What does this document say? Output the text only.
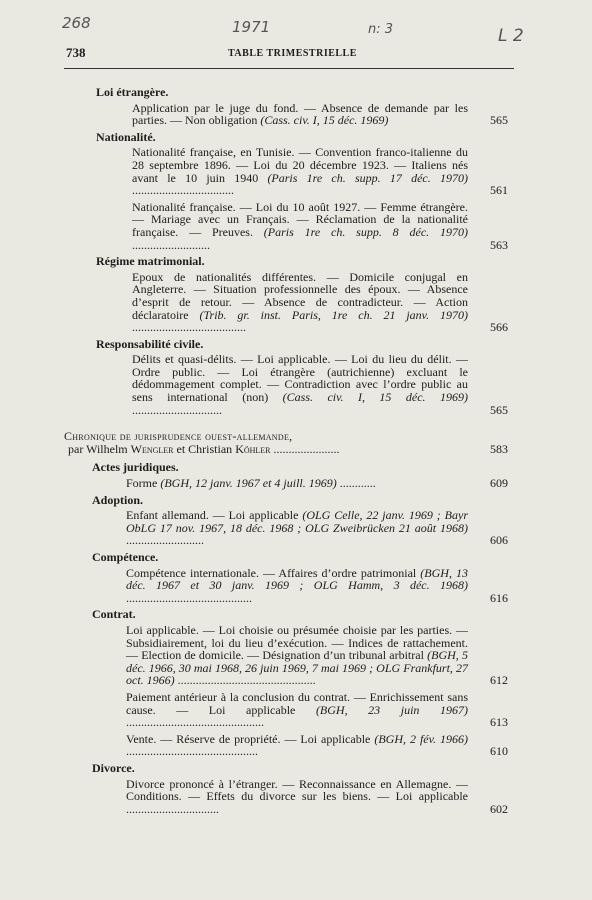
268	1971	n: 3	L 2
738	TABLE TRIMESTRIELLE
Loi étrangère.
Application par le juge du fond. — Absence de demande par les parties. — Non obligation (Cass. civ. I, 15 déc. 1969)	565
Nationalité.
Nationalité française, en Tunisie. — Convention franco-italienne du 28 septembre 1896. — Loi du 20 décembre 1923. — Italiens nés avant le 10 juin 1940 (Paris 1re ch. supp. 17 déc. 1970) ..................................	561
Nationalité française. — Loi du 10 août 1927. — Femme étrangère. — Mariage avec un Français. — Réclamation de la nationalité française. — Preuves. (Paris 1re ch. supp. 8 déc. 1970) ..........................	563
Régime matrimonial.
Epoux de nationalités différentes. — Domicile conjugal en Angleterre. — Situation professionnelle des époux. — Absence d’esprit de retour. — Absence de contradicteur. — Action déclaratoire (Trib. gr. inst. Paris, 1re ch. 21 janv. 1970) ......................................	566
Responsabilité civile.
Délits et quasi-délits. — Loi applicable. — Loi du lieu du délit. — Ordre public. — Loi étrangère (autrichienne) excluant le dédommagement complet. — Contradiction avec l’ordre public au sens international (non) (Cass. civ. I, 15 déc. 1969) ..............................	565
Chronique de jurisprudence ouest-allemande,
par Wilhelm Wengler et Christian Köhler ......................	583
Actes juridiques.
Forme (BGH, 12 janv. 1967 et 4 juill. 1969) ............	609
Adoption.
Enfant allemand. — Loi applicable (OLG Celle, 22 janv. 1969 ; Bayr ObLG 17 nov. 1967, 18 déc. 1968 ; OLG Zweibrücken 21 août 1968) ..........................	606
Compétence.
Compétence internationale. — Affaires d’ordre patrimonial (BGH, 13 déc. 1967 et 30 janv. 1969 ; OLG Hamm, 3 déc. 1968) ..........................................	616
Contrat.
Loi applicable. — Loi choisie ou présumée choisie par les parties. — Subsidiairement, loi du lieu d’exécution. — Indices de rattachement. — Election de domicile. — Désignation d’un tribunal arbitral (BGH, 5 déc. 1966, 30 mai 1968, 26 juin 1969, 7 mai 1969 ; OLG Frankfurt, 27 oct. 1966) ..............................................	612
Paiement antérieur à la conclusion du contrat. — Enrichissement sans cause. — Loi applicable (BGH, 23 juin 1967) ..............................................	613
Vente. — Réserve de propriété. — Loi applicable (BGH, 2 fév. 1966) ............................................	610
Divorce.
Divorce prononcé à l’étranger. — Reconnaissance en Allemagne. — Conditions. — Effets du divorce sur les biens. — Loi applicable ...............................	602
